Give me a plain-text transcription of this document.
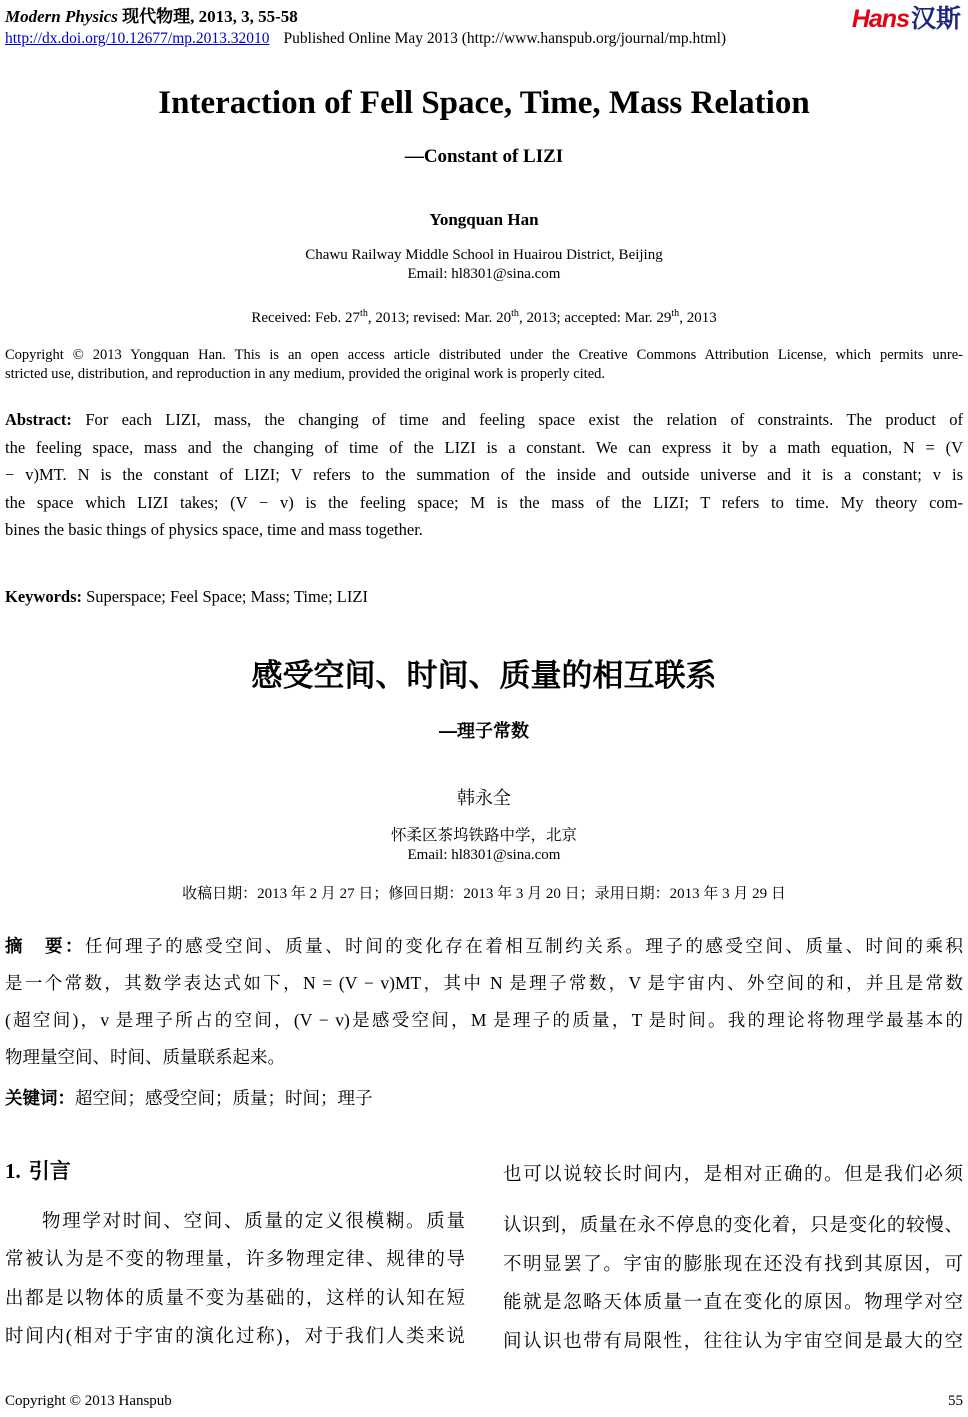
Modern Physics 现代物理, 2013, 3, 55-58
http://dx.doi.org/10.12677/mp.2013.32010 Published Online May 2013 (http://www.hanspub.org/journal/mp.html)
Hans汉斯
Interaction of Fell Space, Time, Mass Relation
—Constant of LIZI
Yongquan Han
Chawu Railway Middle School in Huairou District, Beijing
Email: hl8301@sina.com
Received: Feb. 27th, 2013; revised: Mar. 20th, 2013; accepted: Mar. 29th, 2013
Copyright © 2013 Yongquan Han. This is an open access article distributed under the Creative Commons Attribution License, which permits unre-
stricted use, distribution, and reproduction in any medium, provided the original work is properly cited.
Abstract: For each LIZI, mass, the changing of time and feeling space exist the relation of constraints. The product of
the feeling space, mass and the changing of time of the LIZI is a constant. We can express it by a math equation, N = (V
− v)MT. N is the constant of LIZI; V refers to the summation of the inside and outside universe and it is a constant; v is
the space which LIZI takes; (V − v) is the feeling space; M is the mass of the LIZI; T refers to time. My theory com-
bines the basic things of physics space, time and mass together.
Keywords: Superspace; Feel Space; Mass; Time; LIZI
感受空间、时间、质量的相互联系
—理子常数
韩永全
怀柔区茶坞铁路中学，北京
Email: hl8301@sina.com
收稿日期：2013 年 2 月 27 日；修回日期：2013 年 3 月 20 日；录用日期：2013 年 3 月 29 日
摘　要：任何理子的感受空间、质量、时间的变化存在着相互制约关系。理子的感受空间、质量、时间的乘积
是一个常数，其数学表达式如下，N = (V − v)MT，其中 N 是理子常数，V 是宇宙内、外空间的和，并且是常数
(超空间)，v 是理子所占的空间，(V − v)是感受空间，M 是理子的质量，T 是时间。我的理论将物理学最基本的
物理量空间、时间、质量联系起来。
关键词：超空间；感受空间；质量；时间；理子
1. 引言
物理学对时间、空间、质量的定义很模糊。质量
常被认为是不变的物理量，许多物理定律、规律的导
出都是以物体的质量不变为基础的，这样的认知在短
时间内(相对于宇宙的演化过称)，对于我们人类来说
也可以说较长时间内，是相对正确的。但是我们必须
认识到，质量在永不停息的变化着，只是变化的较慢、
不明显罢了。宇宙的膨胀现在还没有找到其原因，可
能就是忽略天体质量一直在变化的原因。物理学对空
间认识也带有局限性，往往认为宇宙空间是最大的空
Copyright © 2013 Hanspub	55
